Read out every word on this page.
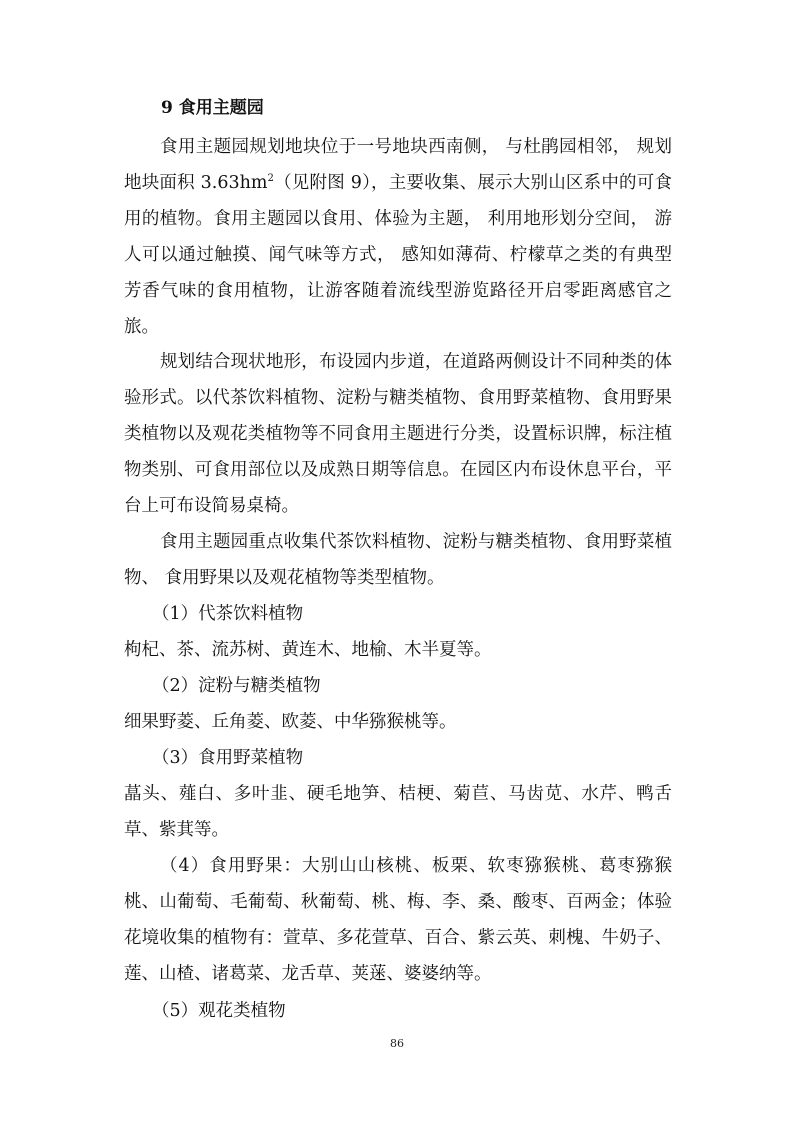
9 食用主题园
食用主题园规划地块位于一号地块西南侧， 与杜鹃园相邻， 规划地块面积 $3.63hm^2$（见附图 9），主要收集、展示大别山区系中的可食用的植物。食用主题园以食用、体验为主题， 利用地形划分空间， 游人可以通过触摸、闻气味等方式， 感知如薄荷、柠檬草之类的有典型芳香气味的食用植物，让游客随着流线型游览路径开启零距离感官之旅。
规划结合现状地形，布设园内步道，在道路两侧设计不同种类的体验形式。以代茶饮料植物、淀粉与糖类植物、食用野菜植物、食用野果类植物以及观花类植物等不同食用主题进行分类，设置标识牌，标注植物类别、可食用部位以及成熟日期等信息。在园区内布设休息平台，平台上可布设简易桌椅。
食用主题园重点收集代茶饮料植物、淀粉与糖类植物、食用野菜植物、 食用野果以及观花植物等类型植物。
（1）代茶饮料植物
枸杞、茶、流苏树、黄连木、地榆、木半夏等。
（2）淀粉与糖类植物
细果野菱、丘角菱、欧菱、中华猕猴桃等。
（3）食用野菜植物
蕌头、薤白、多叶韭、硬毛地笋、桔梗、菊苣、马齿苋、水芹、鸭舌草、紫萁等。
（4）食用野果：大别山山核桃、板栗、软枣猕猴桃、葛枣猕猴桃、山葡萄、毛葡萄、秋葡萄、桃、梅、李、桑、酸枣、百两金；体验花境收集的植物有：萱草、多花萱草、百合、紫云英、刺槐、牛奶子、莲、山楂、诸葛菜、龙舌草、荚蒾、婆婆纳等。
（5）观花类植物
86
